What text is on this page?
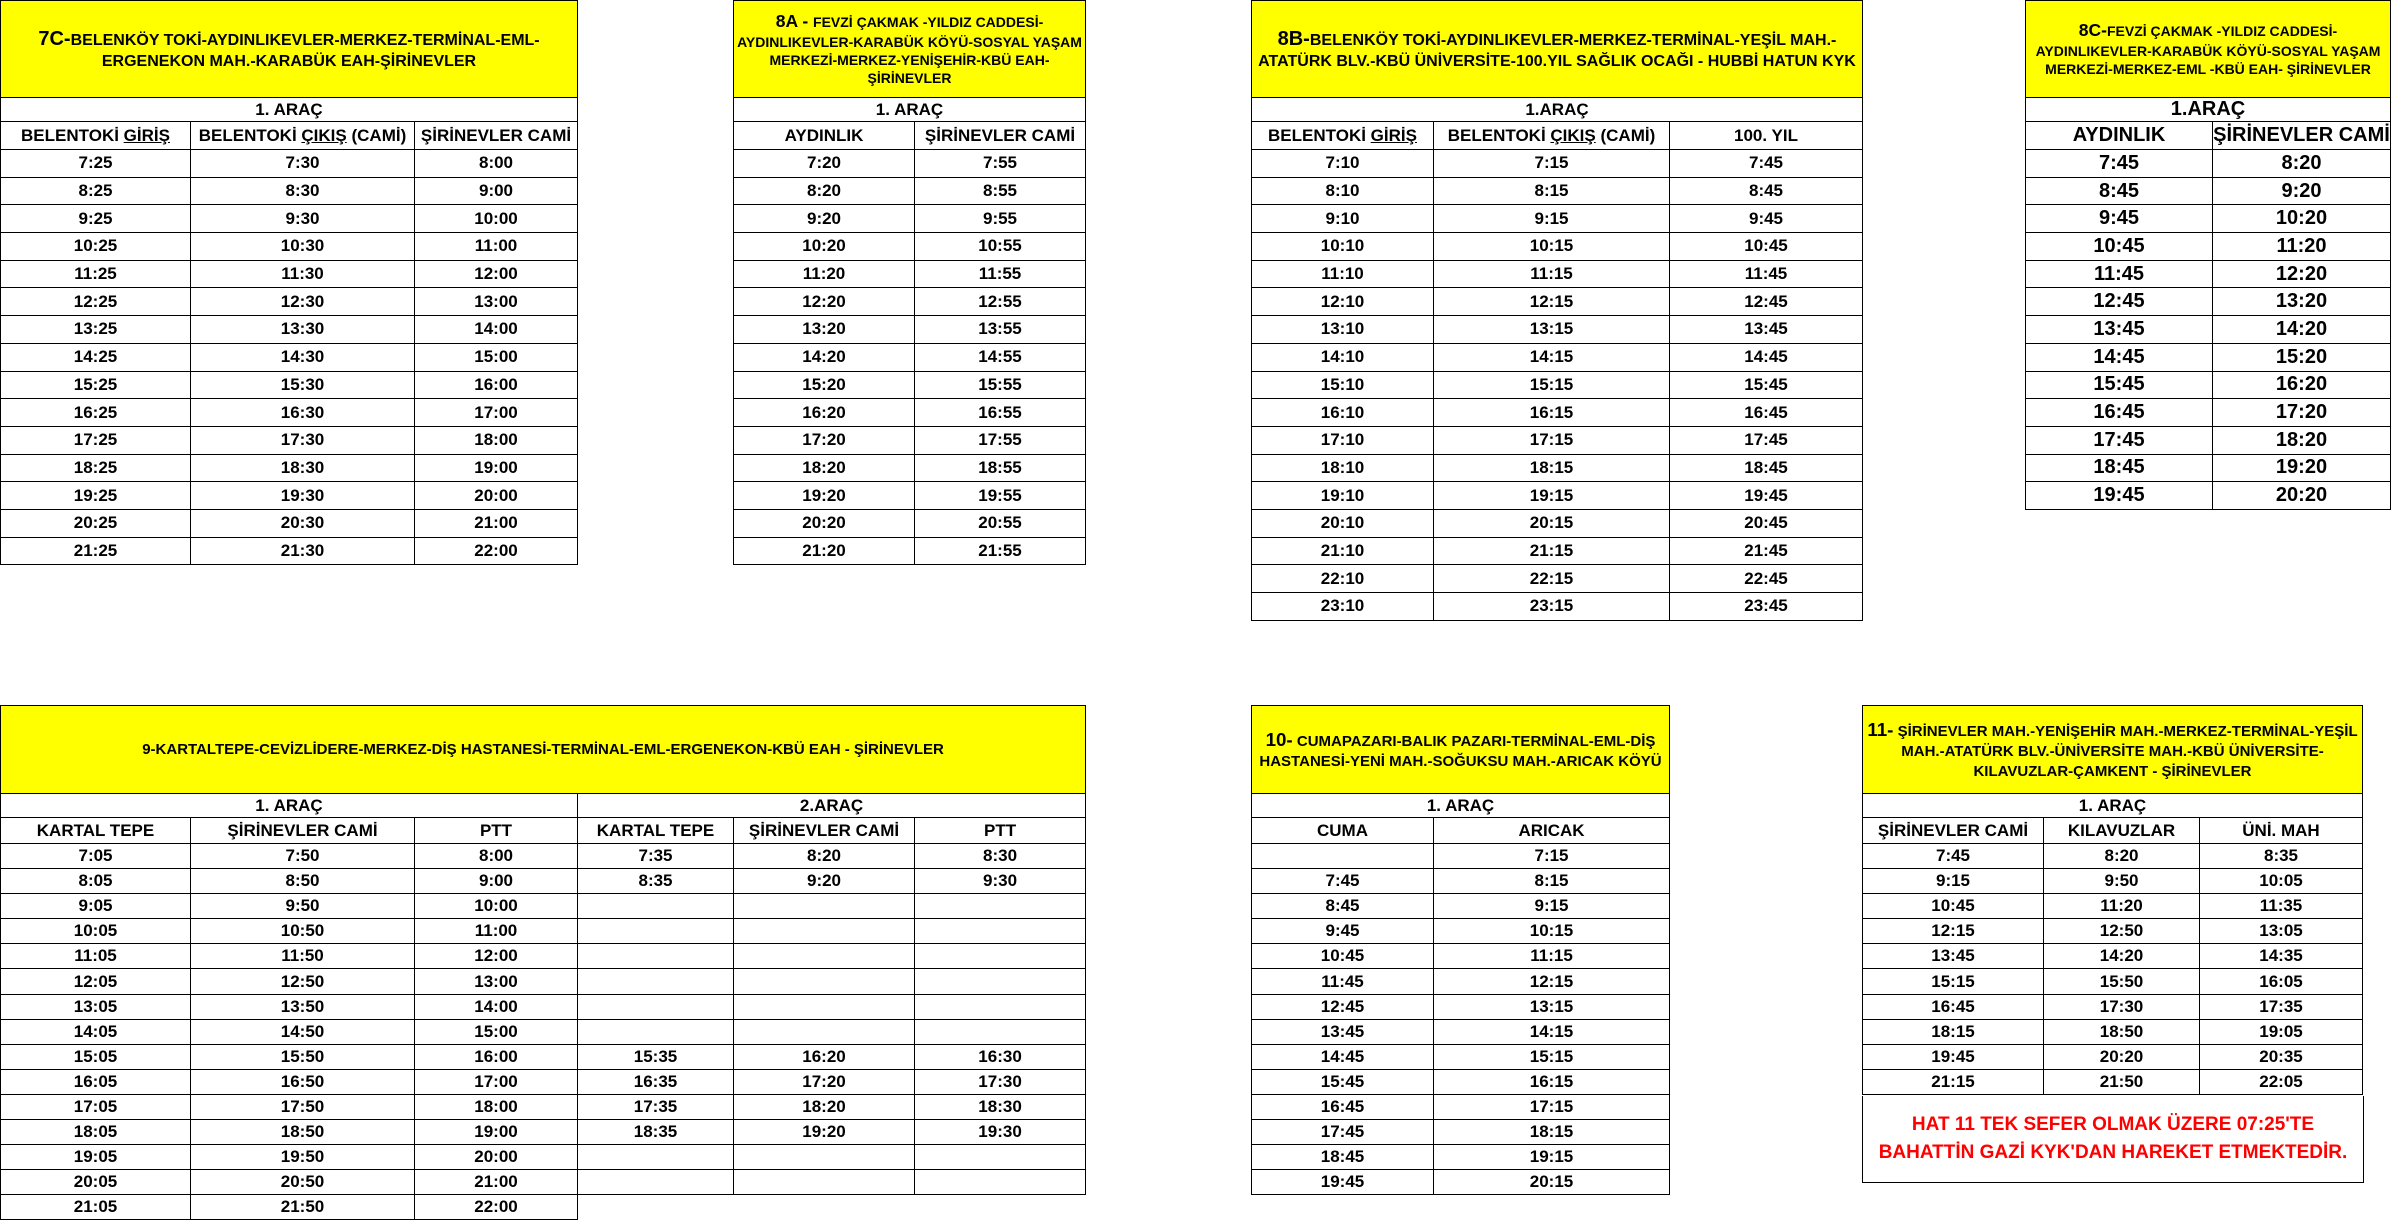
7C-BELENKÖY TOKİ-AYDINLIKEVLER-MERKEZ-TERMİNAL-EML-ERGENEKON MAH.-KARABÜK EAH-ŞİRİNEVLER		
1. ARAÇ		
BELENTOKİ GİRİŞ	BELENTOKİ ÇIKIŞ (CAMİ)	ŞİRİNEVLER CAMİ
7:25	7:30	8:00
8:25	8:30	9:00
9:25	9:30	10:00
10:25	10:30	11:00
11:25	11:30	12:00
12:25	12:30	13:00
13:25	13:30	14:00
14:25	14:30	15:00
15:25	15:30	16:00
16:25	16:30	17:00
17:25	17:30	18:00
18:25	18:30	19:00
19:25	19:30	20:00
20:25	20:30	21:00
21:25	21:30	22:00
8A - FEVZİ ÇAKMAK -YILDIZ CADDESİ-AYDINLIKEVLER-KARABÜK KÖYÜ-SOSYAL YAŞAM MERKEZİ-MERKEZ-YENİŞEHİR-KBÜ EAH-ŞİRİNEVLER	
1. ARAÇ	
AYDINLIK	ŞİRİNEVLER CAMİ
7:20	7:55
8:20	8:55
9:20	9:55
10:20	10:55
11:20	11:55
12:20	12:55
13:20	13:55
14:20	14:55
15:20	15:55
16:20	16:55
17:20	17:55
18:20	18:55
19:20	19:55
20:20	20:55
21:20	21:55
8B-BELENKÖY TOKİ-AYDINLIKEVLER-MERKEZ-TERMİNAL-YEŞİL MAH.-ATATÜRK BLV.-KBÜ ÜNİVERSİTE-100.YIL SAĞLIK OCAĞI - HUBBİ HATUN KYK		
1.ARAÇ		
BELENTOKİ GİRİŞ	BELENTOKİ ÇIKIŞ (CAMİ)	100. YIL
7:10	7:15	7:45
8:10	8:15	8:45
9:10	9:15	9:45
10:10	10:15	10:45
11:10	11:15	11:45
12:10	12:15	12:45
13:10	13:15	13:45
14:10	14:15	14:45
15:10	15:15	15:45
16:10	16:15	16:45
17:10	17:15	17:45
18:10	18:15	18:45
19:10	19:15	19:45
20:10	20:15	20:45
21:10	21:15	21:45
22:10	22:15	22:45
23:10	23:15	23:45
8C-FEVZİ ÇAKMAK -YILDIZ CADDESİ-AYDINLIKEVLER-KARABÜK KÖYÜ-SOSYAL YAŞAM MERKEZİ-MERKEZ-EML -KBÜ EAH- ŞİRİNEVLER	
1.ARAÇ	
AYDINLIK	ŞİRİNEVLER CAMİ
7:45	8:20
8:45	9:20
9:45	10:20
10:45	11:20
11:45	12:20
12:45	13:20
13:45	14:20
14:45	15:20
15:45	16:20
16:45	17:20
17:45	18:20
18:45	19:20
19:45	20:20
9-KARTALTEPE-CEVİZLİDERE-MERKEZ-DİŞ HASTANESİ-TERMİNAL-EML-ERGENEKON-KBÜ EAH - ŞİRİNEVLER					
1. ARAÇ			2.ARAÇ		
KARTAL TEPE	ŞİRİNEVLER CAMİ	PTT	KARTAL TEPE	ŞİRİNEVLER CAMİ	PTT
7:05	7:50	8:00	7:35	8:20	8:30
8:05	8:50	9:00	8:35	9:20	9:30
9:05	9:50	10:00			
10:05	10:50	11:00			
11:05	11:50	12:00			
12:05	12:50	13:00			
13:05	13:50	14:00			
14:05	14:50	15:00			
15:05	15:50	16:00	15:35	16:20	16:30
16:05	16:50	17:00	16:35	17:20	17:30
17:05	17:50	18:00	17:35	18:20	18:30
18:05	18:50	19:00	18:35	19:20	19:30
19:05	19:50	20:00			
20:05	20:50	21:00			
21:05	21:50	22:00			
10- CUMAPAZARI-BALIK PAZARI-TERMİNAL-EML-DİŞ HASTANESİ-YENİ MAH.-SOĞUKSU MAH.-ARICAK KÖYÜ	
1. ARAÇ	
CUMA	ARICAK
	7:15
7:45	8:15
8:45	9:15
9:45	10:15
10:45	11:15
11:45	12:15
12:45	13:15
13:45	14:15
14:45	15:15
15:45	16:15
16:45	17:15
17:45	18:15
18:45	19:15
19:45	20:15
11- ŞİRİNEVLER MAH.-YENİŞEHİR MAH.-MERKEZ-TERMİNAL-YEŞİL MAH.-ATATÜRK BLV.-ÜNİVERSİTE MAH.-KBÜ ÜNİVERSİTE-KILAVUZLAR-ÇAMKENT - ŞİRİNEVLER		
1. ARAÇ		
ŞİRİNEVLER CAMİ	KILAVUZLAR	ÜNİ. MAH
7:45	8:20	8:35
9:15	9:50	10:05
10:45	11:20	11:35
12:15	12:50	13:05
13:45	14:20	14:35
15:15	15:50	16:05
16:45	17:30	17:35
18:15	18:50	19:05
19:45	20:20	20:35
21:15	21:50	22:05
HAT 11 TEK SEFER OLMAK ÜZERE 07:25'TE BAHATTİN GAZİ KYK'DAN HAREKET ETMEKTEDİR.
